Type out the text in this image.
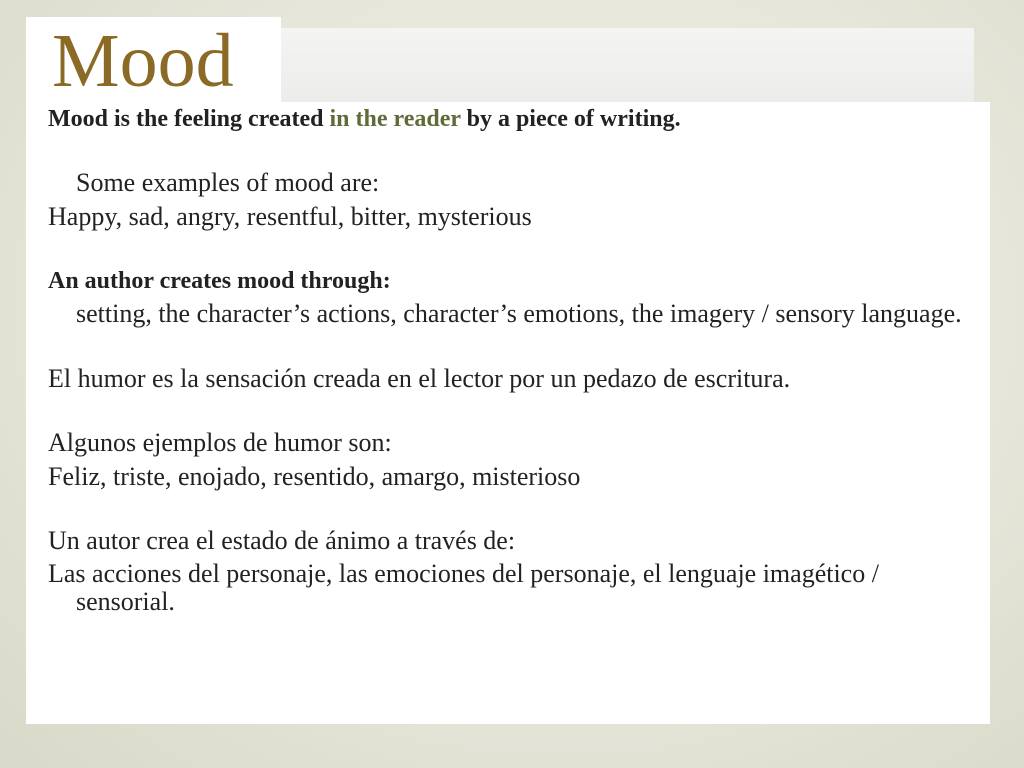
Mood

Mood is the feeling created in the reader by a piece of writing.

Some examples of mood are:

Happy, sad, angry, resentful, bitter, mysterious

An author creates mood through:

setting, the character’s actions, character’s emotions, the imagery / sensory language.

El humor es la sensación creada en el lector por un pedazo de escritura.

Algunos ejemplos de humor son:

Feliz, triste, enojado, resentido, amargo, misterioso

Un autor crea el estado de ánimo a través de:

Las acciones del personaje, las emociones del personaje, el lenguaje imagético / sensorial.
